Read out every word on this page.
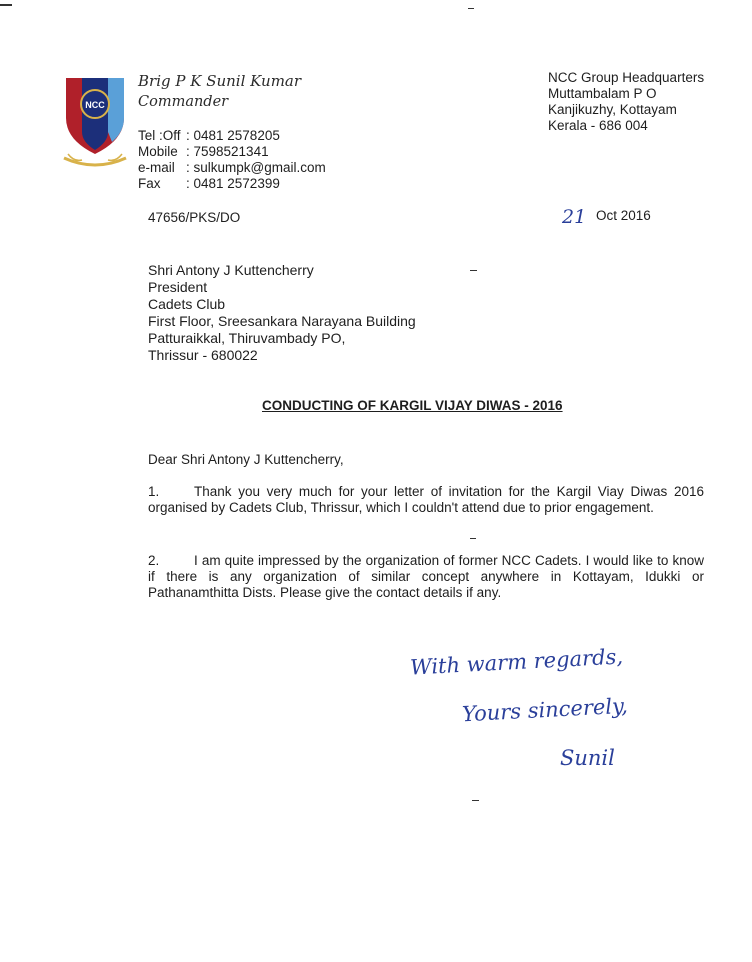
NCC
Brig P K Sunil Kumar
Commander
Tel :Off : 0481 2578205
Mobile : 7598521341
e-mail : sulkumpk@gmail.com
Fax	: 0481 2572399
NCC Group Headquarters
Muttambalam P O
Kanjikuzhy, Kottayam
Kerala - 686 004
47656/PKS/DO	21 Oct 2016
Shri Antony J Kuttencherry
President
Cadets Club
First Floor, Sreesankara Narayana Building
Patturaikkal, Thiruvambady PO,
Thrissur - 680022
CONDUCTING OF KARGIL VIJAY DIWAS - 2016
Dear Shri Antony J Kuttencherry,
1.	Thank you very much for your letter of invitation for the Kargil Viay Diwas 2016 organised by Cadets Club, Thrissur, which I couldn't attend due to prior engagement.
2.	I am quite impressed by the organization of former NCC Cadets. I would like to know if there is any organization of similar concept anywhere in Kottayam, Idukki or Pathanamthitta Dists. Please give the contact details if any.
With warm regards,
Yours sincerely,
Sunil
